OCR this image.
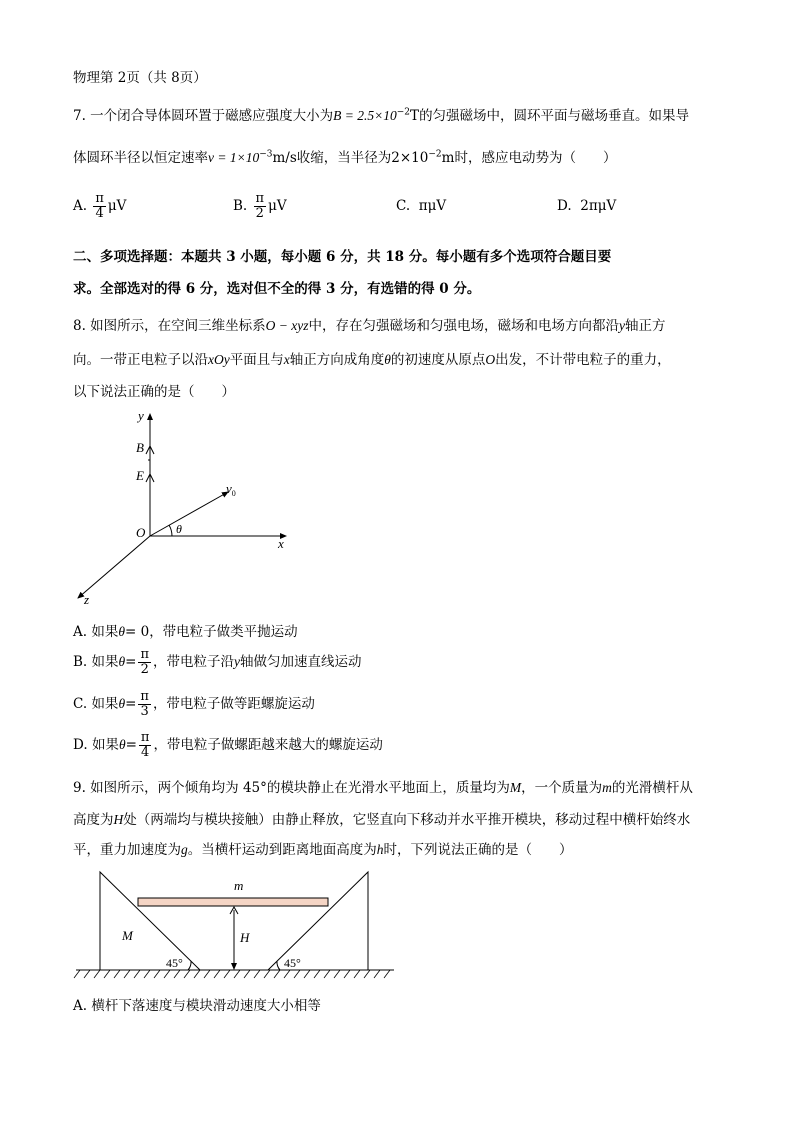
物理第 2页（共 8页）
7. 一个闭合导体圆环置于磁感应强度大小为$B = 2.5\times 10^{-2}T$的匀强磁场中，圆环平面与磁场垂直。如果导
体圆环半径以恒定速率$v = 1\times 10^{-3}m/s$收缩，当半径为$2\times 10^{-2}m$时，感应电动势为（　　）
A. $\frac{\pi}{4}$ μV	B. $\frac{\pi}{2}$ μV	C. πμV	D. 2πμV
二、多项选择题：本题共 3 小题，每小题 6 分，共 18 分。每小题有多个选项符合题目要
求。全部选对的得 6 分，选对但不全的得 3 分，有选错的得 0 分。
8. 如图所示，在空间三维坐标系O − xyz中，存在匀强磁场和匀强电场，磁场和电场方向都沿y轴正方
向。一带正电粒子以沿xOy平面且与x轴正方向成角度θ的初速度从原点O出发，不计带电粒子的重力，
以下说法正确的是（　　）
y
B
E
$v_0$
O	θ
x
z
A. 如果θ= 0，带电粒子做类平抛运动
B. 如果$\theta= \frac{\pi}{2}$ ，带电粒子沿y轴做匀加速直线运动
C. 如果$\theta= \frac{\pi}{3}$ ，带电粒子做等距螺旋运动
D. 如果$\theta= \frac{\pi}{4}$ ，带电粒子做螺距越来越大的螺旋运动
9. 如图所示，两个倾角均为 45°的模块静止在光滑水平地面上，质量均为M，一个质量为m的光滑横杆从
高度为H处（两端均与模块接触）由静止释放，它竖直向下移动并水平推开模块，移动过程中横杆始终水
平，重力加速度为g。当横杆运动到距离地面高度为h时，下列说法正确的是（　　）
m
M	H
45°	45°
A. 横杆下落速度与模块滑动速度大小相等
